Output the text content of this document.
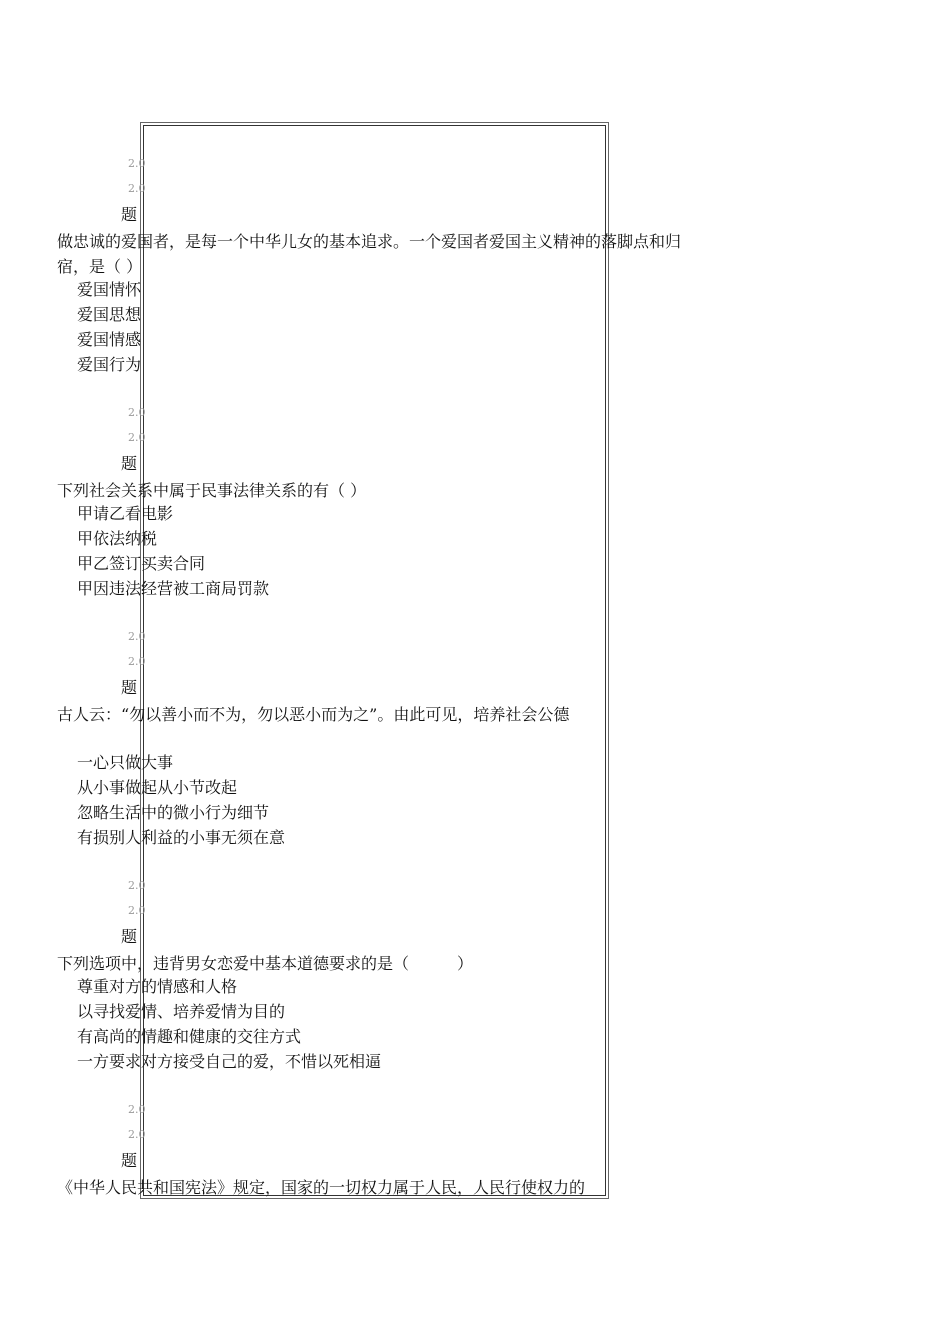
2.0
2.0
题

做忠诚的爱国者，是每一个中华儿女的基本追求。一个爱国者爱国主义精神的落脚点和归宿，是（ ）

爱国情怀
爱国思想
爱国情感
爱国行为
2.0
2.0
题

下列社会关系中属于民事法律关系的有（ ）

甲请乙看电影
甲依法纳税
甲乙签订买卖合同
甲因违法经营被工商局罚款
2.0
2.0
题

古人云：“勿以善小而不为，勿以恶小而为之”。由此可见，培养社会公德

一心只做大事
从小事做起从小节改起
忽略生活中的微小行为细节
有损别人利益的小事无须在意
2.0
2.0
题

下列选项中，违背男女恋爱中基本道德要求的是（　　　）

尊重对方的情感和人格
以寻找爱情、培养爱情为目的
有高尚的情趣和健康的交往方式
一方要求对方接受自己的爱，不惜以死相逼
2.0
2.0
题

《中华人民共和国宪法》规定，国家的一切权力属于人民，人民行使权力的
